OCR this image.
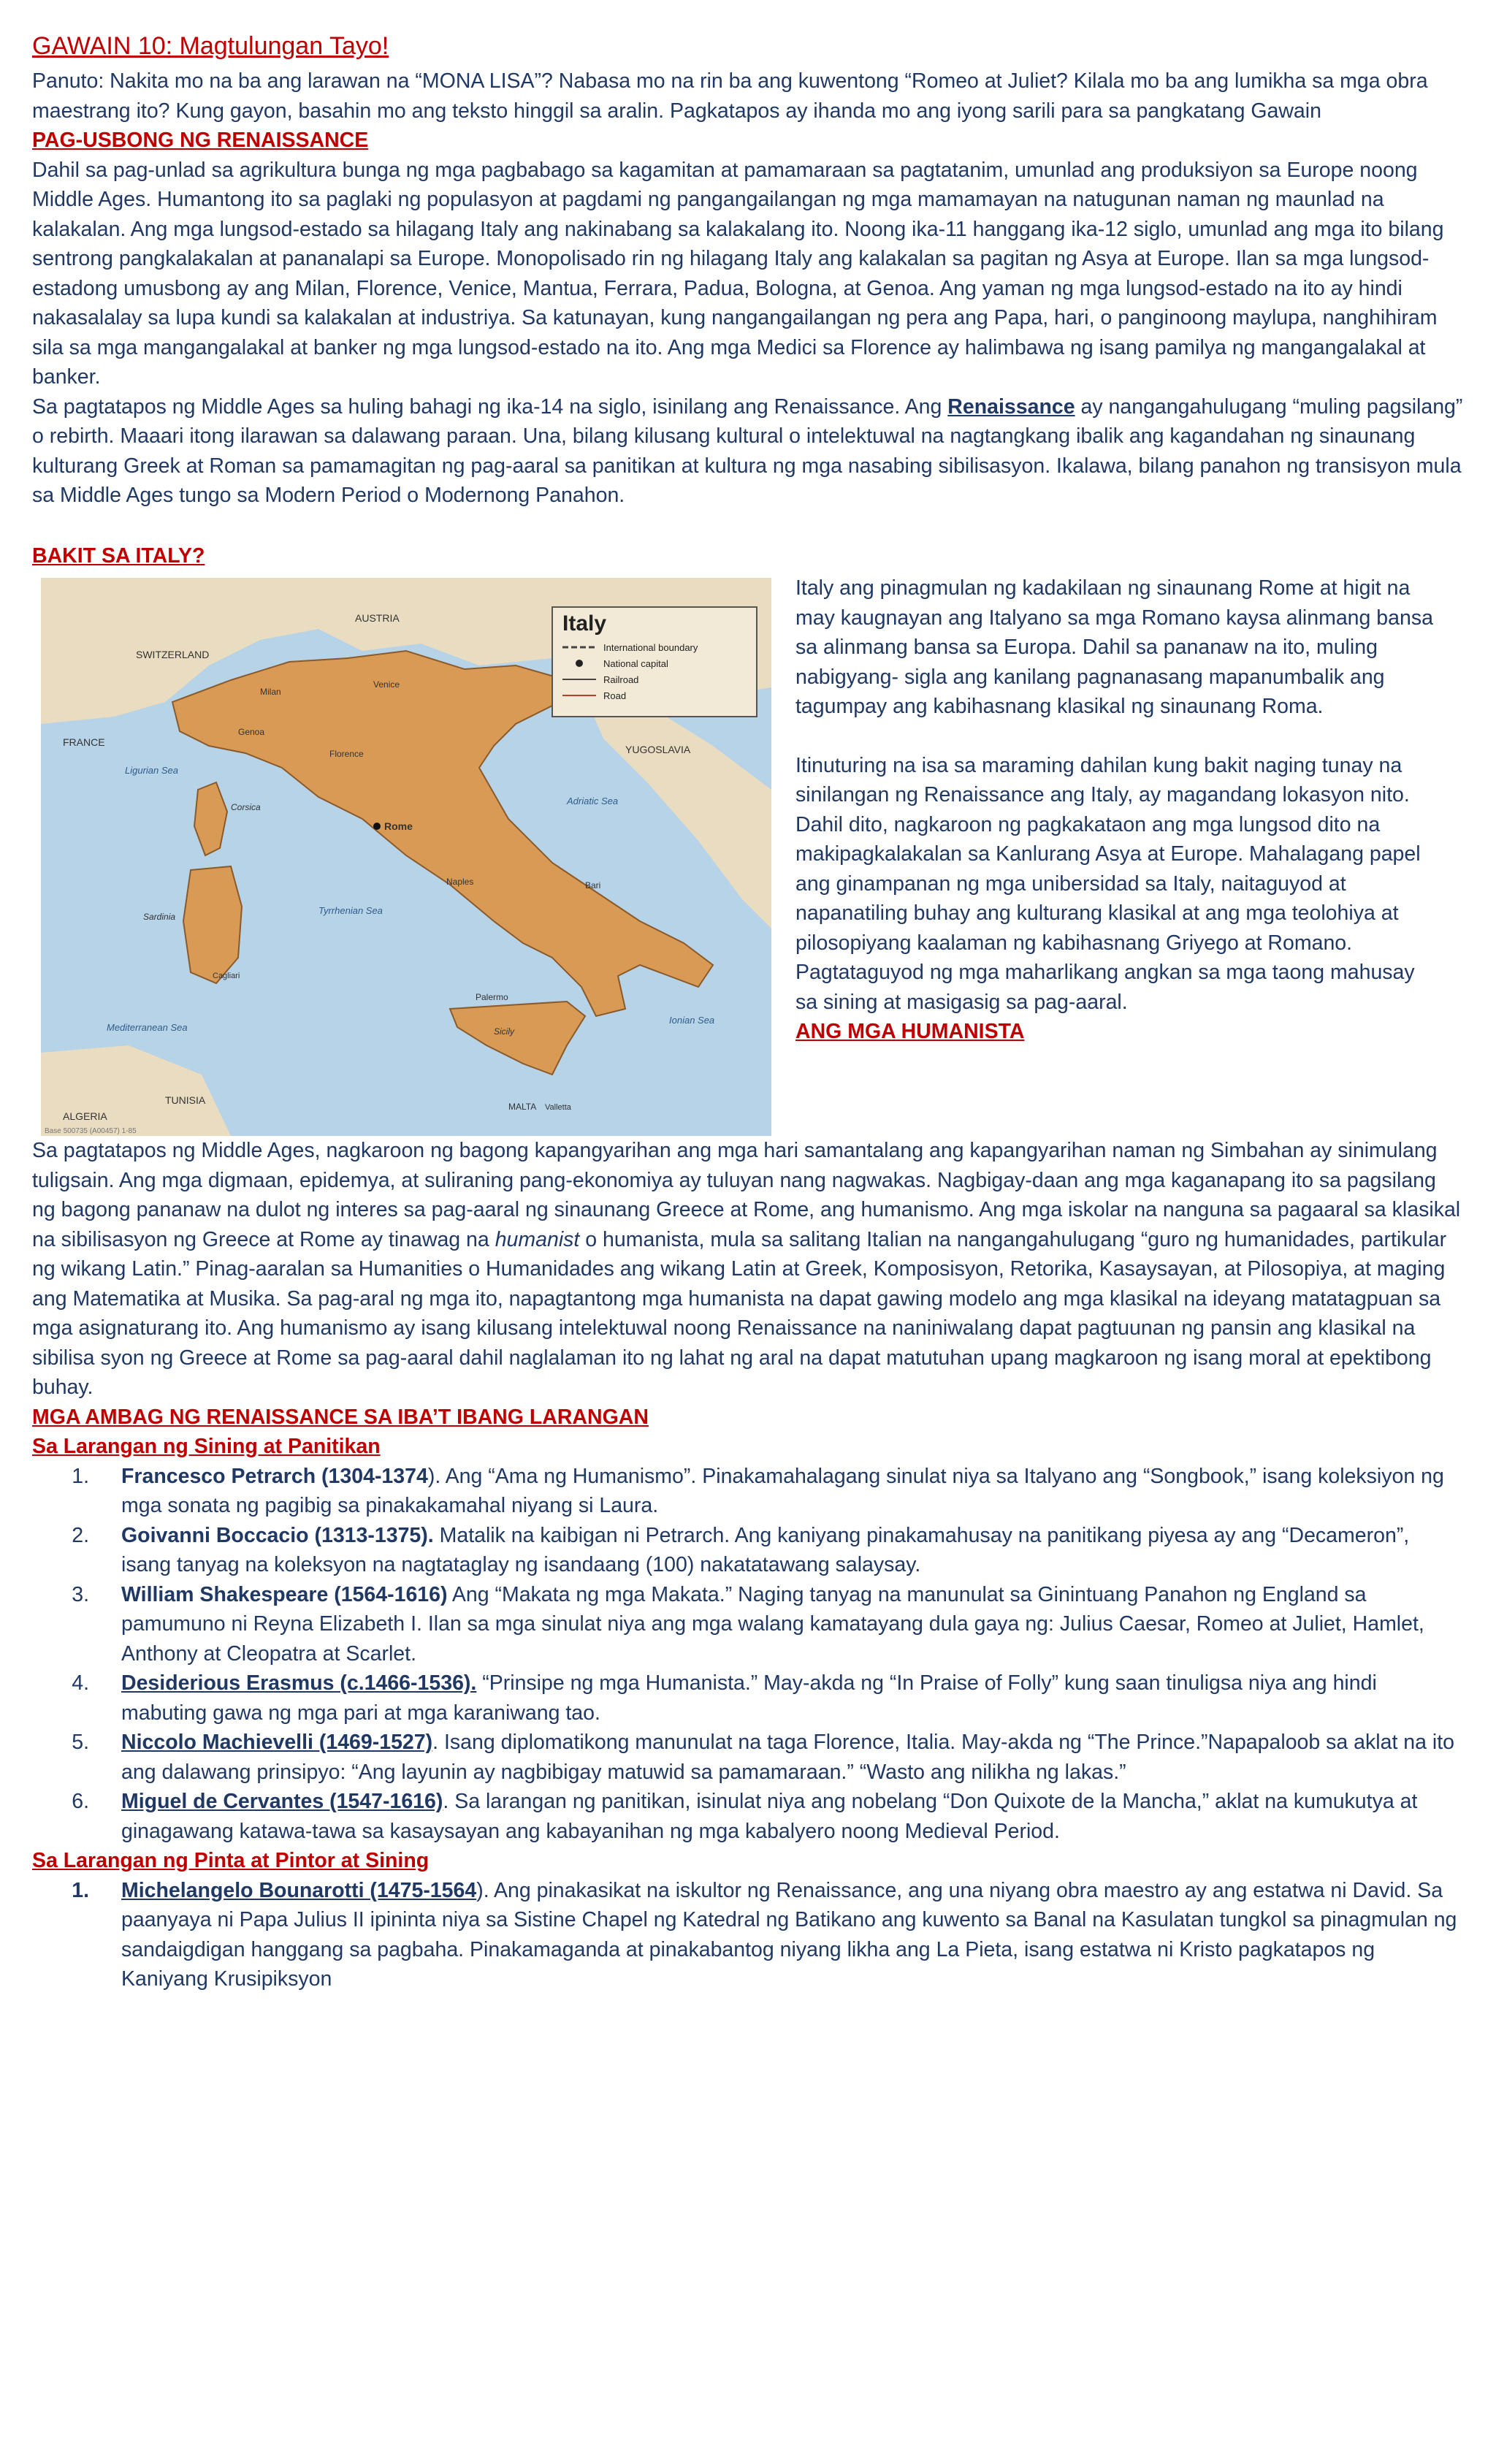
GAWAIN 10: Magtulungan Tayo!

Panuto: Nakita mo na ba ang larawan na “MONA LISA”? Nabasa mo na rin ba ang kuwentong “Romeo at Juliet? Kilala mo ba ang lumikha sa mga obra maestrang ito? Kung gayon, basahin mo ang teksto hinggil sa aralin. Pagkatapos ay ihanda mo ang iyong sarili para sa pangkatang Gawain

PAG-USBONG NG RENAISSANCE

Dahil sa pag-unlad sa agrikultura bunga ng mga pagbabago sa kagamitan at pamamaraan sa pagtatanim, umunlad ang produksiyon sa Europe noong Middle Ages. Humantong ito sa paglaki ng populasyon at pagdami ng pangangailangan ng mga mamamayan na natugunan naman ng maunlad na kalakalan. Ang mga lungsod-estado sa hilagang Italy ang nakinabang sa kalakalang ito. Noong ika-11 hanggang ika-12 siglo, umunlad ang mga ito bilang sentrong pangkalakalan at pananalapi sa Europe. Monopolisado rin ng hilagang Italy ang kalakalan sa pagitan ng Asya at Europe. Ilan sa mga lungsod-estadong umusbong ay ang Milan, Florence, Venice, Mantua, Ferrara, Padua, Bologna, at Genoa. Ang yaman ng mga lungsod-estado na ito ay hindi nakasalalay sa lupa kundi sa kalakalan at industriya. Sa katunayan, kung nangangailangan ng pera ang Papa, hari, o panginoong maylupa, nanghihiram sila sa mga mangangalakal at banker ng mga lungsod-estado na ito. Ang mga Medici sa Florence ay halimbawa ng isang pamilya ng mangangalakal at banker.

Sa pagtatapos ng Middle Ages sa huling bahagi ng ika-14 na siglo, isinilang ang Renaissance. Ang Renaissance ay nangangahulugang “muling pagsilang” o rebirth. Maaari itong ilarawan sa dalawang paraan. Una, bilang kilusang kultural o intelektuwal na nagtangkang ibalik ang kagandahan ng sinaunang kulturang Greek at Roman sa pamamagitan ng pag-aaral sa panitikan at kultura ng mga nasabing sibilisasyon. Ikalawa, bilang panahon ng transisyon mula sa Middle Ages tungo sa Modern Period o Modernong Panahon.

BAKIT SA ITALY?
Italy
International boundary
National capital
Railroad
Road
AUSTRIA
SWITZERLAND
YUGOSLAVIA
FRANCE
Corsica
Sardinia
Ligurian Sea
Adriatic Sea
Tyrrhenian Sea
Mediterranean Sea
Ionian Sea
Sicily
TUNISIA
ALGERIA
MALTA Valletta
Rome
Milan
Venice
Naples
Genoa
Florence
Bari
Palermo
Cagliari
Base 500735 (A00457) 1-85

Italy ang pinagmulan ng kadakilaan ng sinaunang Rome at higit na may kaugnayan ang Italyano sa mga Romano kaysa alinmang bansa sa alinmang bansa sa Europa. Dahil sa pananaw na ito, muling nabigyang- sigla ang kanilang pagnanasang mapanumbalik ang tagumpay ang kabihasnang klasikal ng sinaunang Roma.

Itinuturing na isa sa maraming dahilan kung bakit naging tunay na sinilangan ng Renaissance ang Italy, ay magandang lokasyon nito. Dahil dito, nagkaroon ng pagkakataon ang mga lungsod dito na makipagkalakalan sa Kanlurang Asya at Europe. Mahalagang papel ang ginampanan ng mga unibersidad sa Italy, naitaguyod at napanatiling buhay ang kulturang klasikal at ang mga teolohiya at pilosopiyang kaalaman ng kabihasnang Griyego at Romano. Pagtataguyod ng mga maharlikang angkan sa mga taong mahusay sa sining at masigasig sa pag-aaral.

ANG MGA HUMANISTA

Sa pagtatapos ng Middle Ages, nagkaroon ng bagong kapangyarihan ang mga hari samantalang ang kapangyarihan naman ng Simbahan ay sinimulang tuligsain. Ang mga digmaan, epidemya, at suliraning pang-ekonomiya ay tuluyan nang nagwakas. Nagbigay-daan ang mga kaganapang ito sa pagsilang ng bagong pananaw na dulot ng interes sa pag-aaral ng sinaunang Greece at Rome, ang humanismo. Ang mga iskolar na nanguna sa pagaaral sa klasikal na sibilisasyon ng Greece at Rome ay tinawag na humanist o humanista, mula sa salitang Italian na nangangahulugang “guro ng humanidades, partikular ng wikang Latin.” Pinag-aaralan sa Humanities o Humanidades ang wikang Latin at Greek, Komposisyon, Retorika, Kasaysayan, at Pilosopiya, at maging ang Matematika at Musika. Sa pag-aral ng mga ito, napagtantong mga humanista na dapat gawing modelo ang mga klasikal na ideyang matatagpuan sa mga asignaturang ito. Ang humanismo ay isang kilusang intelektuwal noong Renaissance na naniniwalang dapat pagtuunan ng pansin ang klasikal na sibilisa syon ng Greece at Rome sa pag-aaral dahil naglalaman ito ng lahat ng aral na dapat matutuhan upang magkaroon ng isang moral at epektibong buhay.

MGA AMBAG NG RENAISSANCE SA IBA’T IBANG LARANGAN
Sa Larangan ng Sining at Panitikan
1.	Francesco Petrarch (1304-1374). Ang “Ama ng Humanismo”. Pinakamahalagang sinulat niya sa Italyano ang “Songbook,” isang koleksiyon ng mga sonata ng pagibig sa pinakakamahal niyang si Laura.
2.	Goivanni Boccacio (1313-1375). Matalik na kaibigan ni Petrarch. Ang kaniyang pinakamahusay na panitikang piyesa ay ang “Decameron”, isang tanyag na koleksyon na nagtataglay ng isandaang (100) nakatatawang salaysay.
3.	William Shakespeare (1564-1616) Ang “Makata ng mga Makata.” Naging tanyag na manunulat sa Ginintuang Panahon ng England sa pamumuno ni Reyna Elizabeth I. Ilan sa mga sinulat niya ang mga walang kamatayang dula gaya ng: Julius Caesar, Romeo at Juliet, Hamlet, Anthony at Cleopatra at Scarlet.
4.	Desiderious Erasmus (c.1466-1536). “Prinsipe ng mga Humanista.” May-akda ng “In Praise of Folly” kung saan tinuligsa niya ang hindi mabuting gawa ng mga pari at mga karaniwang tao.
5.	Niccolo Machievelli (1469-1527). Isang diplomatikong manunulat na taga Florence, Italia. May-akda ng “The Prince.”Napapaloob sa aklat na ito ang dalawang prinsipyo: “Ang layunin ay nagbibigay matuwid sa pamamaraan.” “Wasto ang nilikha ng lakas.”
6.	Miguel de Cervantes (1547-1616). Sa larangan ng panitikan, isinulat niya ang nobelang “Don Quixote de la Mancha,” aklat na kumukutya at ginagawang katawa-tawa sa kasaysayan ang kabayanihan ng mga kabalyero noong Medieval Period.
Sa Larangan ng Pinta at Pintor at Sining
1.	Michelangelo Bounarotti (1475-1564). Ang pinakasikat na iskultor ng Renaissance, ang una niyang obra maestro ay ang estatwa ni David. Sa paanyaya ni Papa Julius II ipininta niya sa Sistine Chapel ng Katedral ng Batikano ang kuwento sa Banal na Kasulatan tungkol sa pinagmulan ng sandaigdigan hanggang sa pagbaha. Pinakamaganda at pinakabantog niyang likha ang La Pieta, isang estatwa ni Kristo pagkatapos ng Kaniyang Krusipiksyon
